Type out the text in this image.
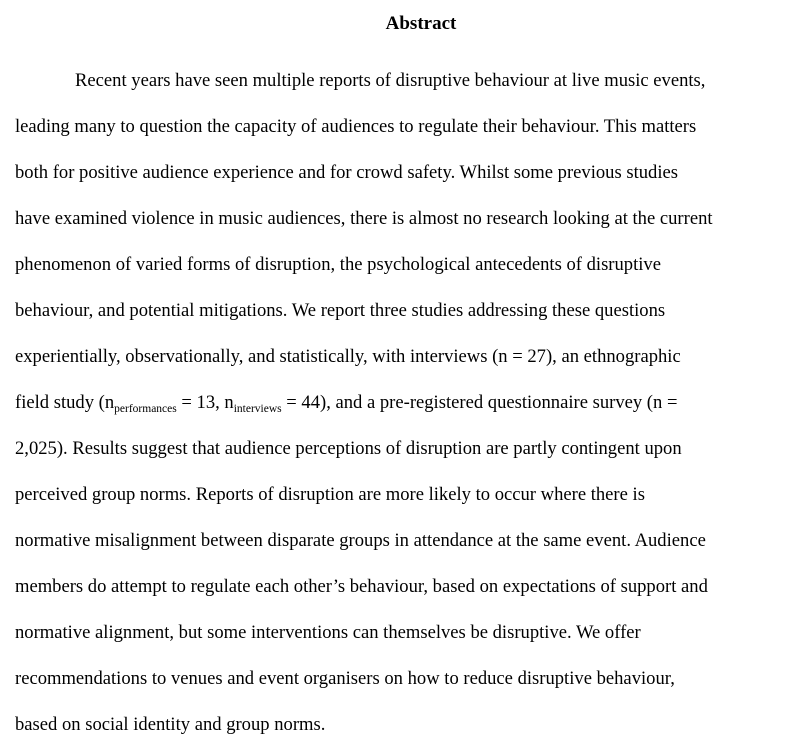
Abstract
Recent years have seen multiple reports of disruptive behaviour at live music events,
leading many to question the capacity of audiences to regulate their behaviour. This matters
both for positive audience experience and for crowd safety. Whilst some previous studies
have examined violence in music audiences, there is almost no research looking at the current
phenomenon of varied forms of disruption, the psychological antecedents of disruptive
behaviour, and potential mitigations. We report three studies addressing these questions
experientially, observationally, and statistically, with interviews (n = 27), an ethnographic
field study ($n_{performances} = 13$, $n_{interviews} = 44$), and a pre-registered questionnaire survey (n =
2,025). Results suggest that audience perceptions of disruption are partly contingent upon
perceived group norms. Reports of disruption are more likely to occur where there is
normative misalignment between disparate groups in attendance at the same event. Audience
members do attempt to regulate each other’s behaviour, based on expectations of support and
normative alignment, but some interventions can themselves be disruptive. We offer
recommendations to venues and event organisers on how to reduce disruptive behaviour,
based on social identity and group norms.
